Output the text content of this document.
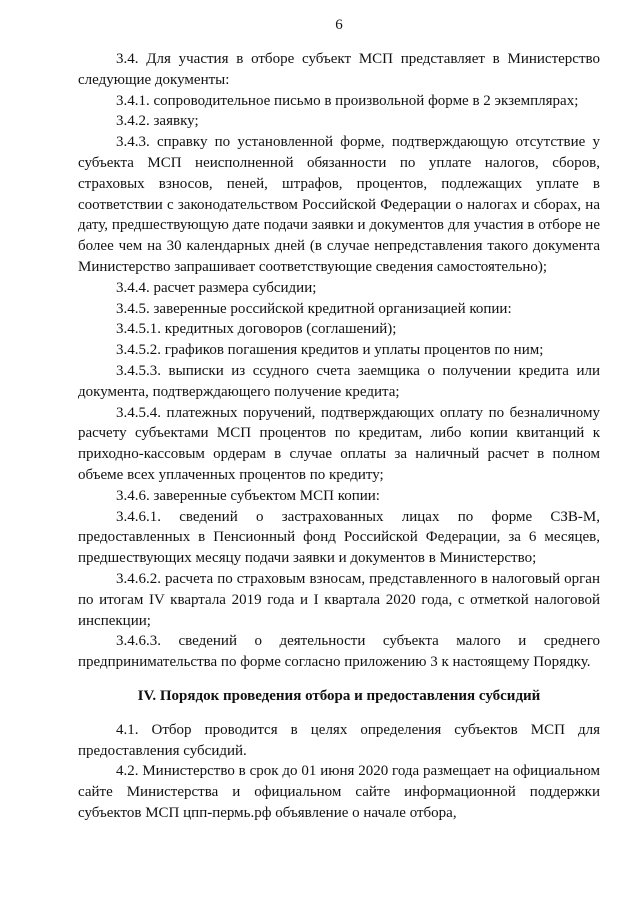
6

3.4. Для участия в отборе субъект МСП представляет в Министерство следующие документы:

3.4.1. сопроводительное письмо в произвольной форме в 2 экземплярах;

3.4.2. заявку;

3.4.3. справку по установленной форме, подтверждающую отсутствие у субъекта МСП неисполненной обязанности по уплате налогов, сборов, страховых взносов, пеней, штрафов, процентов, подлежащих уплате в соответствии с законодательством Российской Федерации о налогах и сборах, на дату, предшествующую дате подачи заявки и документов для участия в отборе не более чем на 30 календарных дней (в случае непредставления такого документа Министерство запрашивает соответствующие сведения самостоятельно);

3.4.4. расчет размера субсидии;

3.4.5. заверенные российской кредитной организацией копии:

3.4.5.1. кредитных договоров (соглашений);

3.4.5.2. графиков погашения кредитов и уплаты процентов по ним;

3.4.5.3. выписки из ссудного счета заемщика о получении кредита или документа, подтверждающего получение кредита;

3.4.5.4. платежных поручений, подтверждающих оплату по безналичному расчету субъектами МСП процентов по кредитам, либо копии квитанций к приходно-кассовым ордерам в случае оплаты за наличный расчет в полном объеме всех уплаченных процентов по кредиту;

3.4.6. заверенные субъектом МСП копии:

3.4.6.1. сведений о застрахованных лицах по форме СЗВ-М, предоставленных в Пенсионный фонд Российской Федерации, за 6 месяцев, предшествующих месяцу подачи заявки и документов в Министерство;

3.4.6.2. расчета по страховым взносам, представленного в налоговый орган по итогам IV квартала 2019 года и I квартала 2020 года, с отметкой налоговой инспекции;

3.4.6.3. сведений о деятельности субъекта малого и среднего предпринимательства по форме согласно приложению 3 к настоящему Порядку.

IV. Порядок проведения отбора и предоставления субсидий

4.1. Отбор проводится в целях определения субъектов МСП для предоставления субсидий.

4.2. Министерство в срок до 01 июня 2020 года размещает на официальном сайте Министерства и официальном сайте информационной поддержки субъектов МСП цпп-пермь.рф объявление о начале отбора,
